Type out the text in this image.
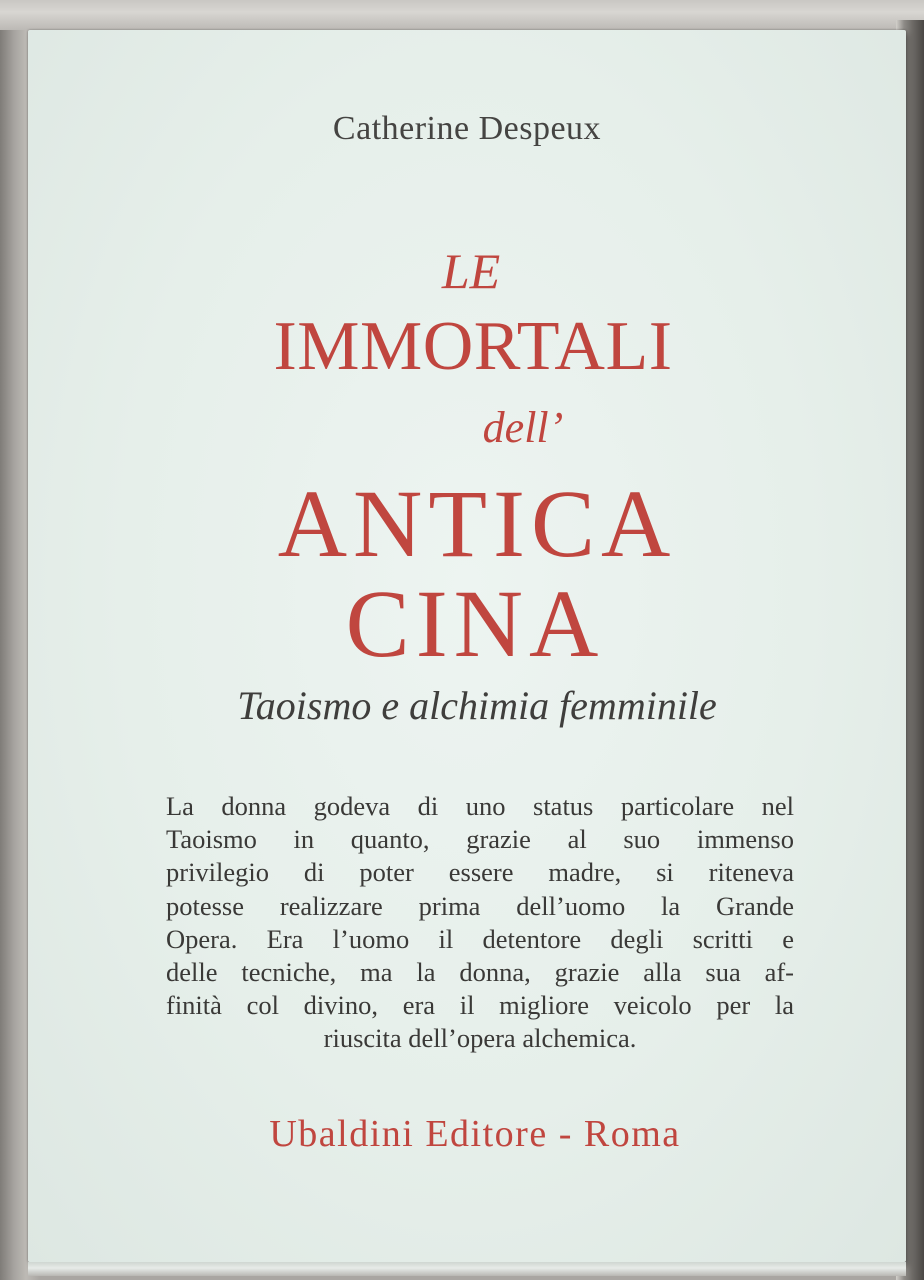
Catherine Despeux

LE

IMMORTALI

dell’

ANTICA

CINA

Taoismo e alchimia femminile

La donna godeva di uno status particolare nel
Taoismo in quanto, grazie al suo immenso
privilegio di poter essere madre, si riteneva
potesse realizzare prima dell’uomo la Grande
Opera. Era l’uomo il detentore degli scritti e
delle tecniche, ma la donna, grazie alla sua af-
finità col divino, era il migliore veicolo per la
riuscita dell’opera alchemica.

Ubaldini Editore - Roma
